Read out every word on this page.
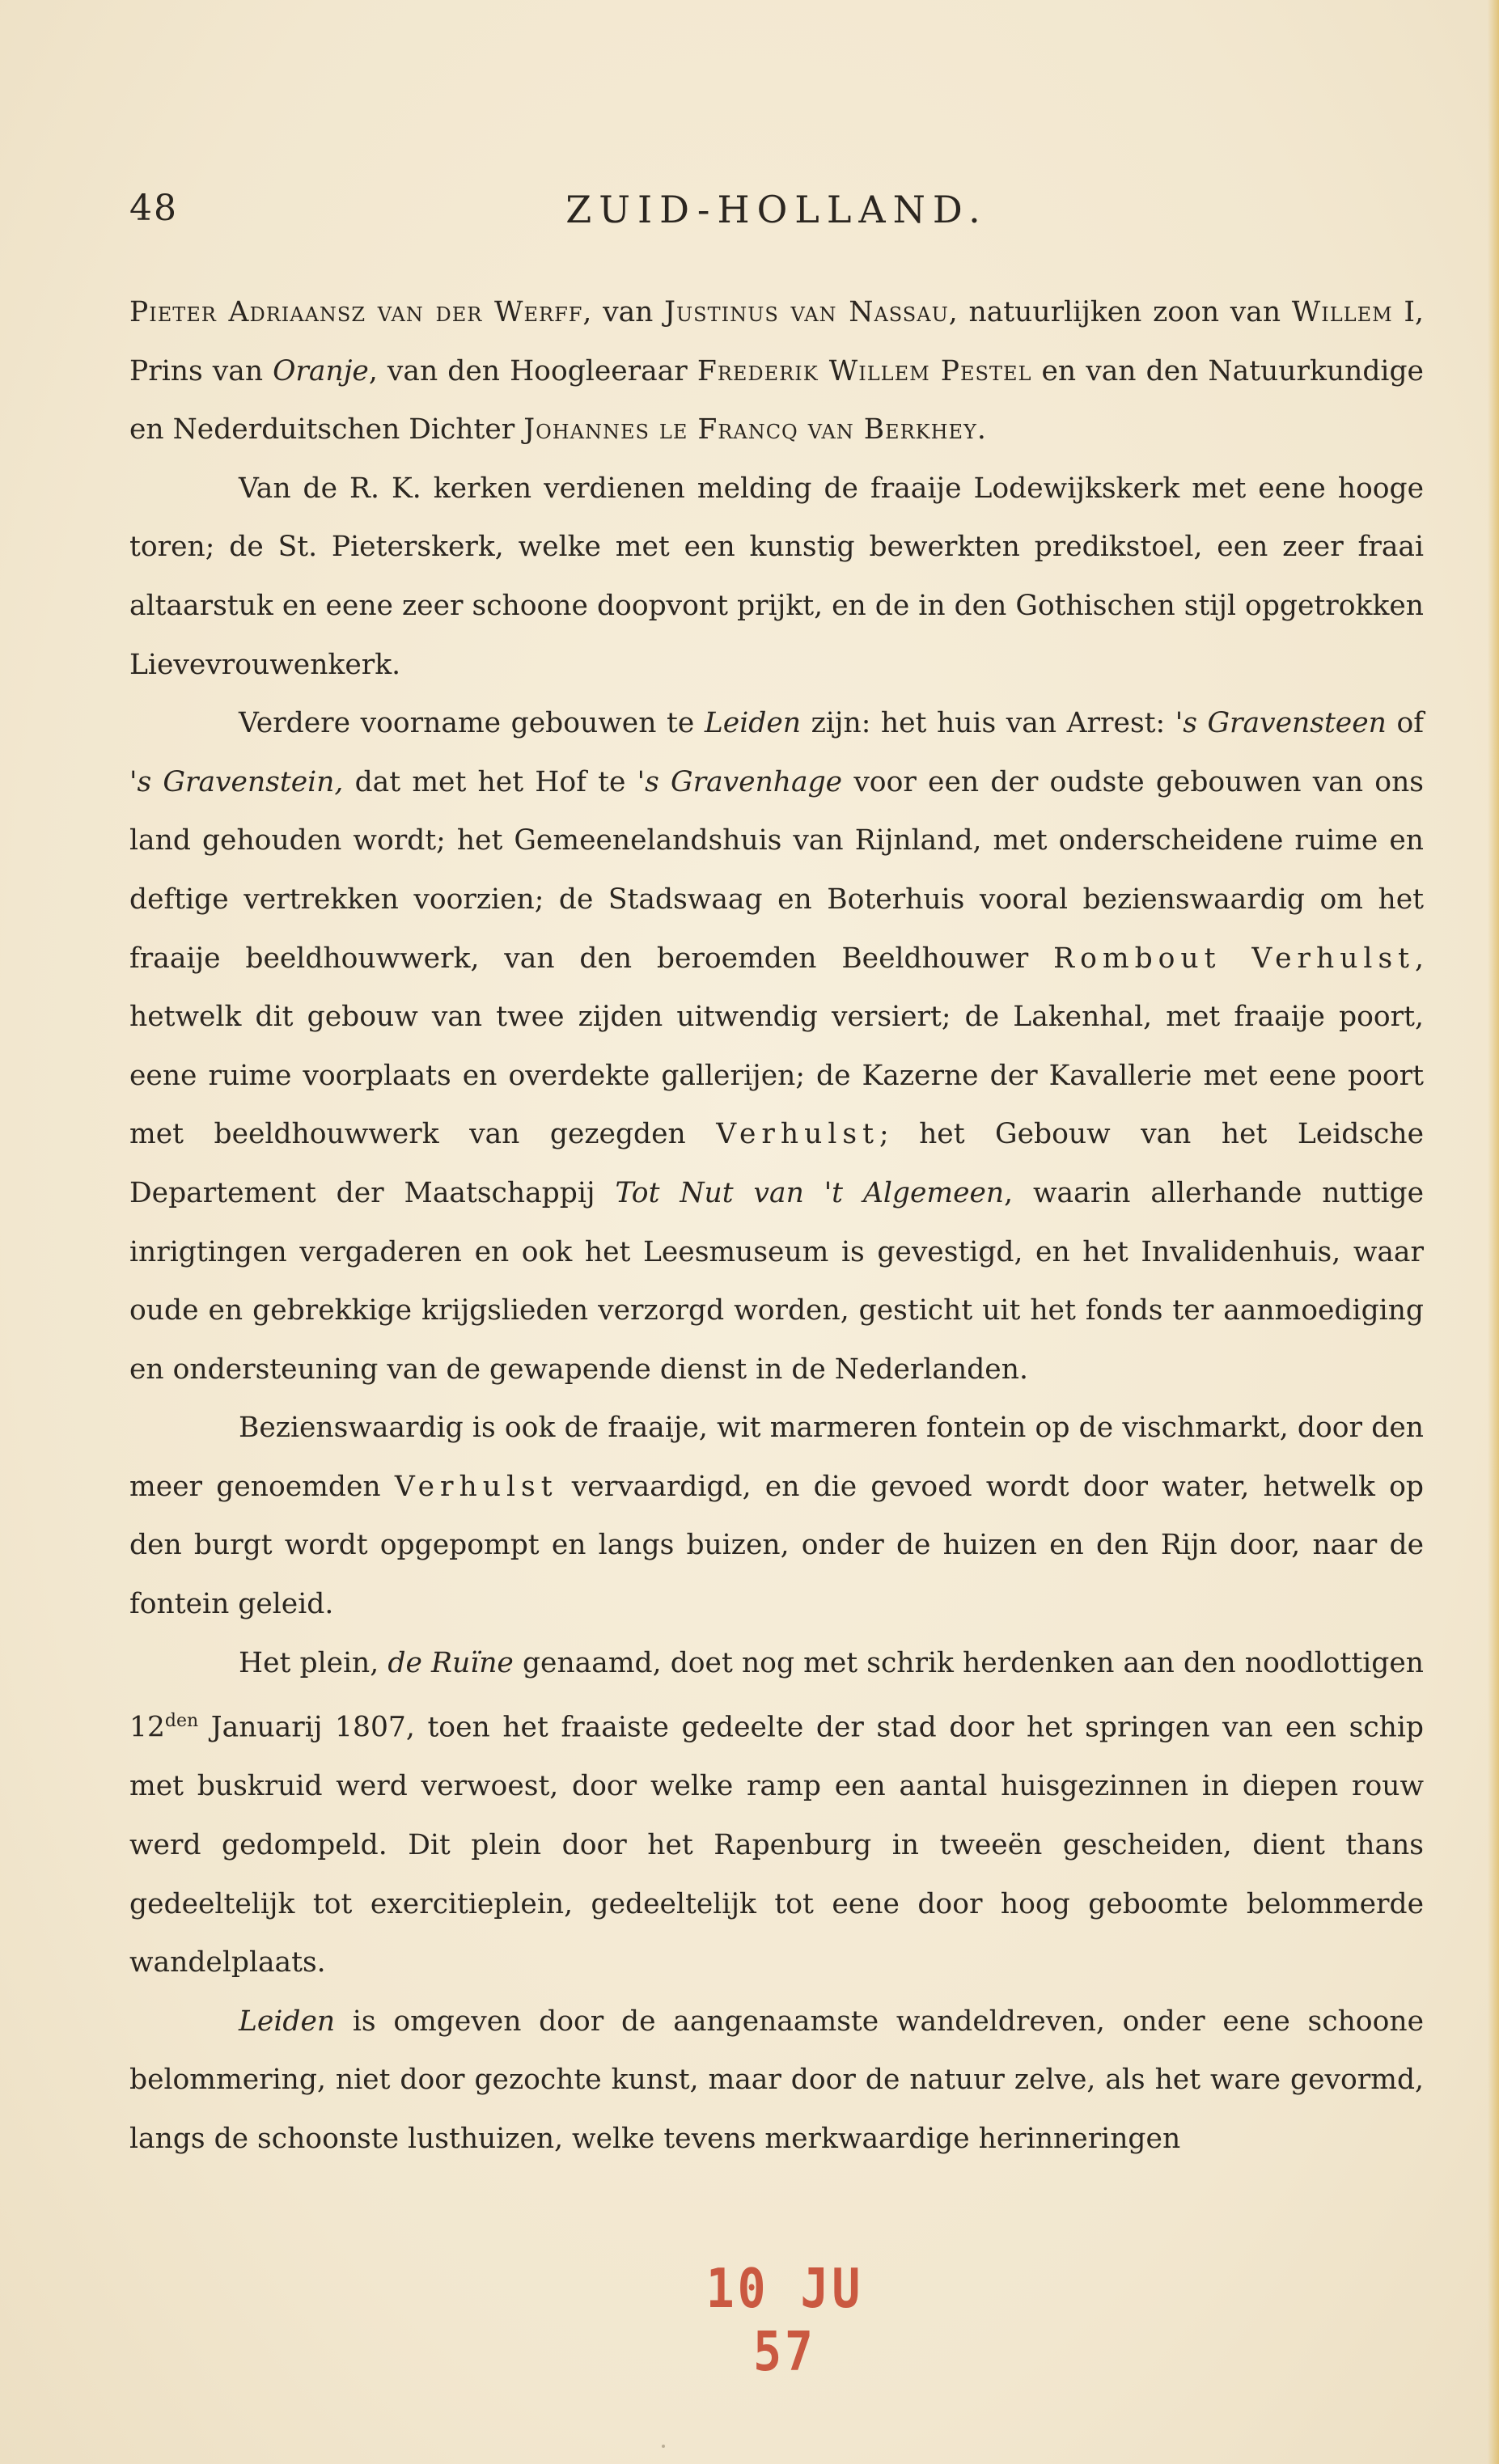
48	ZUID-HOLLAND.

Pieter Adriaansz van der Werff, van Justinus van Nassau, natuurlijken zoon van Willem I, Prins van Oranje, van den Hoogleeraar Frederik Willem Pestel en van den Natuurkundige en Nederduitschen Dichter Johannes le Francq van Berkhey.

Van de R. K. kerken verdienen melding de fraaije Lodewijkskerk met eene hooge toren; de St. Pieterskerk, welke met een kunstig bewerkten predikstoel, een zeer fraai altaarstuk en eene zeer schoone doopvont prijkt, en de in den Gothischen stijl opgetrokken Lievevrouwenkerk.

Verdere voorname gebouwen te Leiden zijn: het huis van Arrest: 's Gravensteen of 's Gravenstein, dat met het Hof te 's Gravenhage voor een der oudste gebouwen van ons land gehouden wordt; het Gemeenelandshuis van Rijnland, met onderscheidene ruime en deftige vertrekken voorzien; de Stadswaag en Boterhuis vooral bezienswaardig om het fraaije beeldhouwwerk, van den beroemden Beeldhouwer Rombout Verhulst, hetwelk dit gebouw van twee zijden uitwendig versiert; de Lakenhal, met fraaije poort, eene ruime voorplaats en overdekte gallerijen; de Kazerne der Kavallerie met eene poort met beeldhouwwerk van gezegden Verhulst; het Gebouw van het Leidsche Departement der Maatschappij Tot Nut van 't Algemeen, waarin allerhande nuttige inrigtingen vergaderen en ook het Leesmuseum is gevestigd, en het Invalidenhuis, waar oude en gebrekkige krijgslieden verzorgd worden, gesticht uit het fonds ter aanmoediging en ondersteuning van de gewapende dienst in de Nederlanden.

Bezienswaardig is ook de fraaije, wit marmeren fontein op de vischmarkt, door den meer genoemden Verhulst vervaardigd, en die gevoed wordt door water, hetwelk op den burgt wordt opgepompt en langs buizen, onder de huizen en den Rijn door, naar de fontein geleid.

Het plein, de Ruïne genaamd, doet nog met schrik herdenken aan den noodlottigen $12^{den}$ Januarij 1807, toen het fraaiste gedeelte der stad door het springen van een schip met buskruid werd verwoest, door welke ramp een aantal huisgezinnen in diepen rouw werd gedompeld. Dit plein door het Rapenburg in tweeën gescheiden, dient thans gedeeltelijk tot exercitieplein, gedeeltelijk tot eene door hoog geboomte belommerde wandelplaats.

Leiden is omgeven door de aangenaamste wandeldreven, onder eene schoone belommering, niet door gezochte kunst, maar door de natuur zelve, als het ware gevormd, langs de schoonste lusthuizen, welke tevens merkwaardige herinneringen

10 JU 57
